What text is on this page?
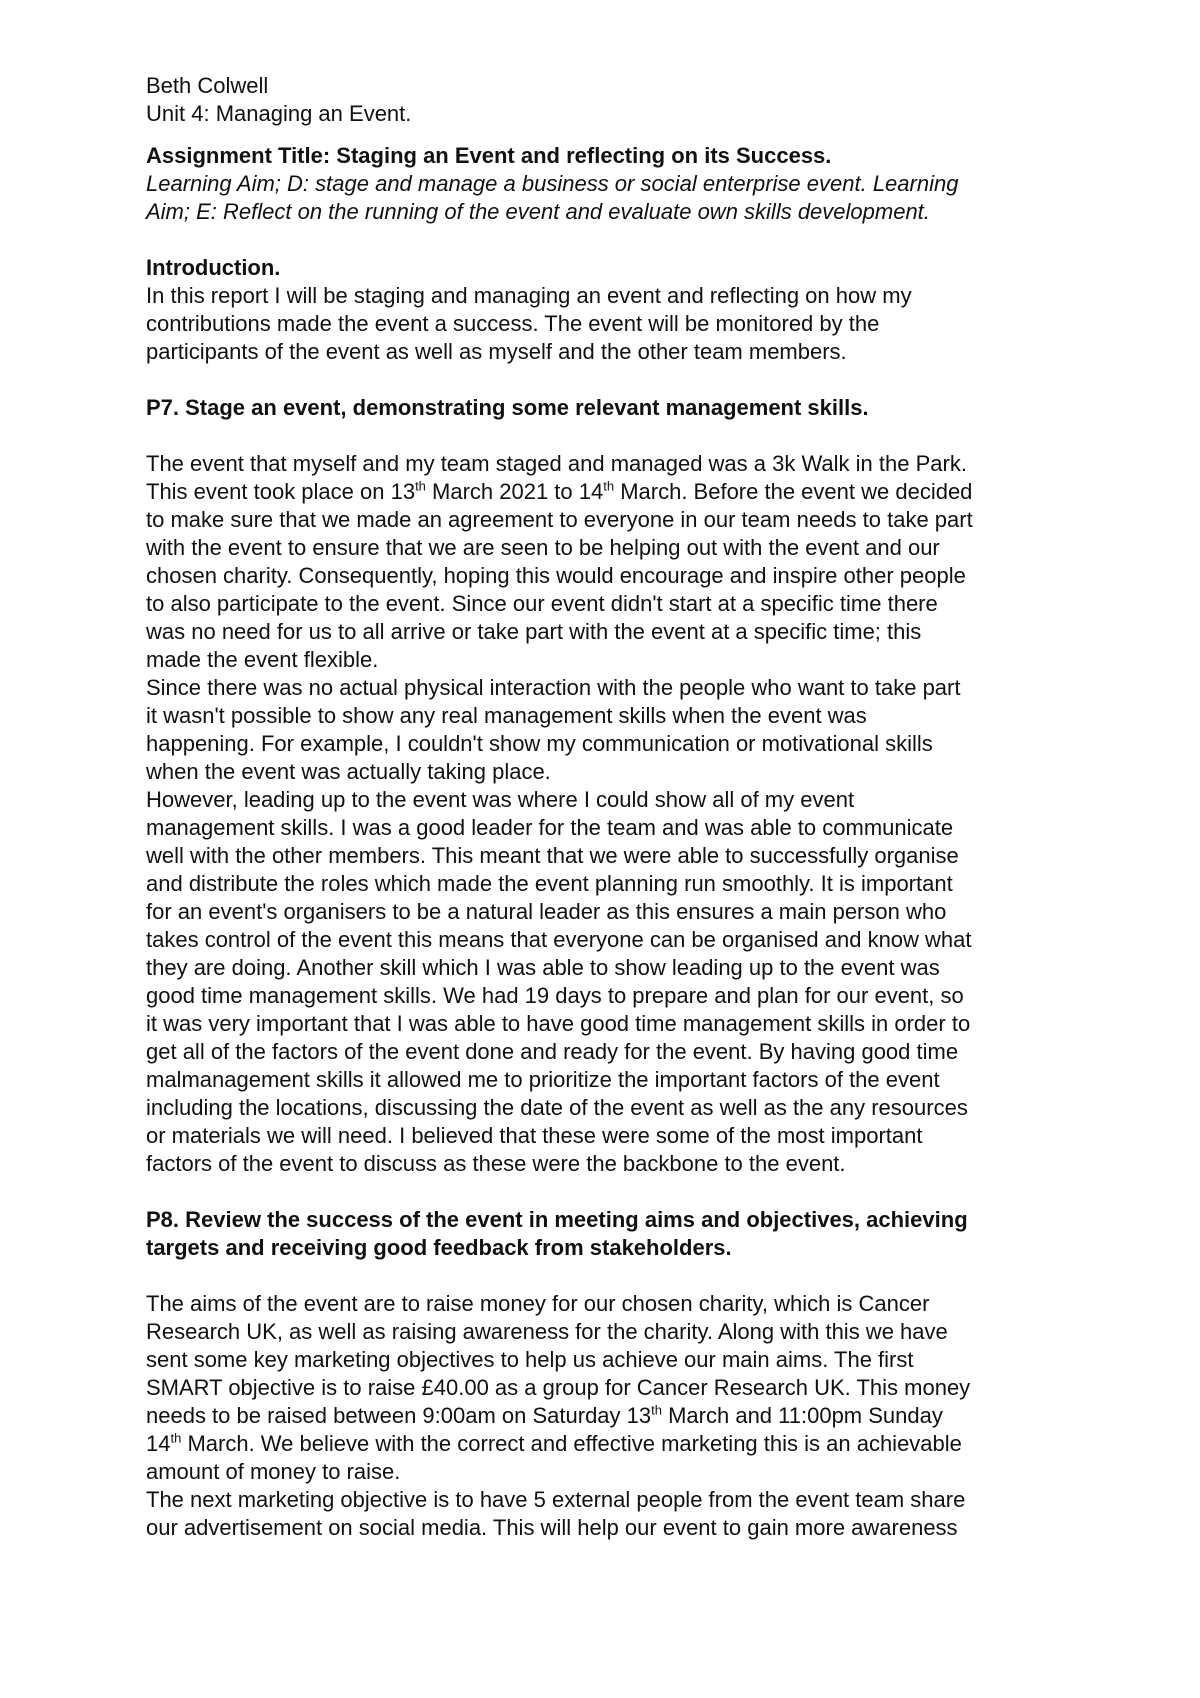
Beth Colwell
Unit 4: Managing an Event.
Assignment Title: Staging an Event and reflecting on its Success.
Learning Aim; D: stage and manage a business or social enterprise event. Learning
Aim; E: Reflect on the running of the event and evaluate own skills development.
Introduction.
In this report I will be staging and managing an event and reflecting on how my
contributions made the event a success. The event will be monitored by the
participants of the event as well as myself and the other team members.
P7. Stage an event, demonstrating some relevant management skills.
The event that myself and my team staged and managed was a 3k Walk in the Park.
This event took place on 13th March 2021 to 14th March. Before the event we decided
to make sure that we made an agreement to everyone in our team needs to take part
with the event to ensure that we are seen to be helping out with the event and our
chosen charity. Consequently, hoping this would encourage and inspire other people
to also participate to the event. Since our event didn't start at a specific time there
was no need for us to all arrive or take part with the event at a specific time; this
made the event flexible.
Since there was no actual physical interaction with the people who want to take part
it wasn't possible to show any real management skills when the event was
happening. For example, I couldn't show my communication or motivational skills
when the event was actually taking place.
However, leading up to the event was where I could show all of my event
management skills. I was a good leader for the team and was able to communicate
well with the other members. This meant that we were able to successfully organise
and distribute the roles which made the event planning run smoothly. It is important
for an event's organisers to be a natural leader as this ensures a main person who
takes control of the event this means that everyone can be organised and know what
they are doing. Another skill which I was able to show leading up to the event was
good time management skills. We had 19 days to prepare and plan for our event, so
it was very important that I was able to have good time management skills in order to
get all of the factors of the event done and ready for the event. By having good time
malmanagement skills it allowed me to prioritize the important factors of the event
including the locations, discussing the date of the event as well as the any resources
or materials we will need. I believed that these were some of the most important
factors of the event to discuss as these were the backbone to the event.
P8. Review the success of the event in meeting aims and objectives, achieving
targets and receiving good feedback from stakeholders.
The aims of the event are to raise money for our chosen charity, which is Cancer
Research UK, as well as raising awareness for the charity. Along with this we have
sent some key marketing objectives to help us achieve our main aims. The first
SMART objective is to raise £40.00 as a group for Cancer Research UK. This money
needs to be raised between 9:00am on Saturday 13th March and 11:00pm Sunday
14th March. We believe with the correct and effective marketing this is an achievable
amount of money to raise.
The next marketing objective is to have 5 external people from the event team share
our advertisement on social media. This will help our event to gain more awareness
